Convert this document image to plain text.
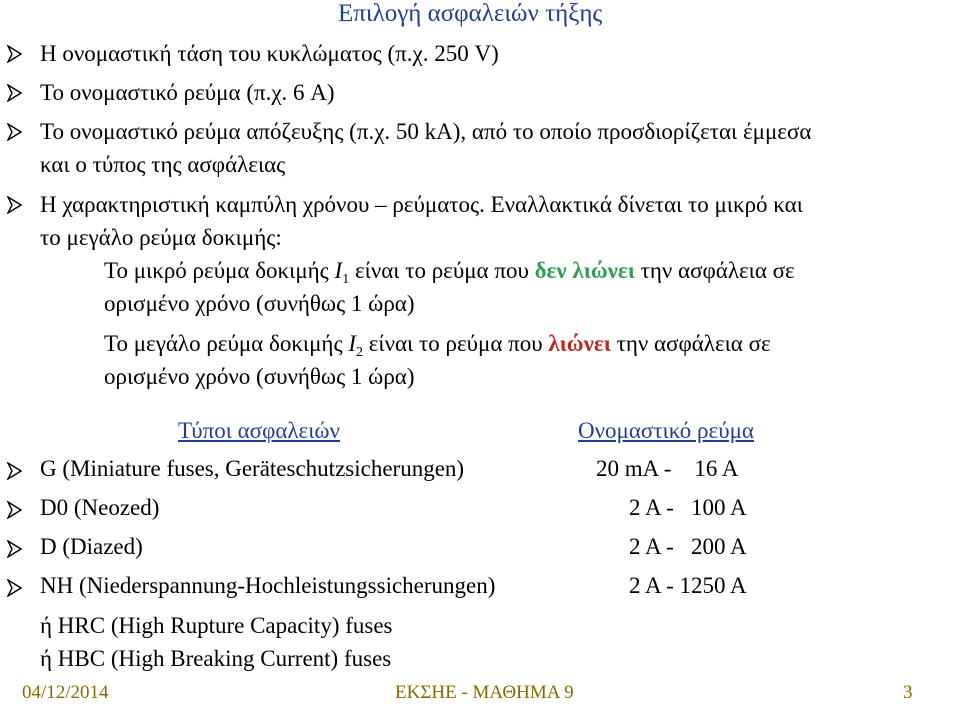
Επιλογή ασφαλειών τήξης
Η ονομαστική τάση του κυκλώματος (π.χ. 250 V)
Το ονομαστικό ρεύμα (π.χ. 6 A)
Το ονομαστικό ρεύμα απόζευξης (π.χ. 50 kA), από το οποίο προσδιορίζεται έμμεσα
και ο τύπος της ασφάλειας
Η χαρακτηριστική καμπύλη χρόνου – ρεύματος. Εναλλακτικά δίνεται το μικρό και
το μεγάλο ρεύμα δοκιμής:
Το μικρό ρεύμα δοκιμής $I_1$ είναι το ρεύμα που δεν λιώνει την ασφάλεια σε
ορισμένο χρόνο (συνήθως 1 ώρα)
Το μεγάλο ρεύμα δοκιμής $I_2$ είναι το ρεύμα που λιώνει την ασφάλεια σε
ορισμένο χρόνο (συνήθως 1 ώρα)
Τύποι ασφαλειών	Ονομαστικό ρεύμα
G (Miniature fuses, Geräteschutzsicherungen)	20 mA -    16 A
D0 (Neozed)	2 A -   100 A
D (Diazed)	2 A -   200 A
NH (Niederspannung-Hochleistungssicherungen)	2 A - 1250 A
ή HRC (High Rupture Capacity) fuses
ή HBC (High Breaking Current) fuses
04/12/2014	ΕΚΣΗΕ - ΜΑΘΗΜΑ 9	3
